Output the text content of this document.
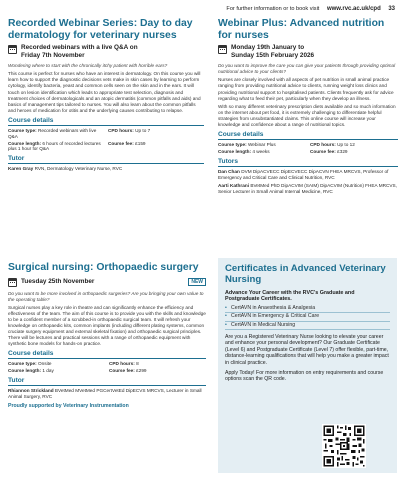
For further information or to book visit www.rvc.ac.uk/cpd 33
Recorded Webinar Series: Day to day dermatology for veterinary nurses
Recorded webinars with a live Q&A on
Friday 7th November
Wondering where to start with the chronically itchy patient with horrible ears?
This course is perfect for nurses who have an interest in dermatology. On this course you will learn how to support the diagnostic decisions vets make in skin cases by learning to perform cytology, identify bacteria, yeast and common cells seen on the skin and in the ears. It will touch on lesion identification which leads to appropriate test selection, diagnosis and treatment choices of dermatologicals and an atopic dermatitis (common pitfalls and aids) and basics of management tips tailored to nurses. You will also learn about the common pitfalls and heroes of medication for otitis and the underlying causes contributing to relapse.
Course details
Course type: Recorded webinars with live Q&A
CPD hours: Up to 7
Course length: 6 hours of recorded lectures plus 1 hour for Q&A
Course fee: £159
Tutor
Karen Gray RVN, Dermatology Veterinary Nurse, RVC
Webinar Plus: Advanced nutrition for nurses
Monday 19th January to
Sunday 15th February 2026
Do you want to improve the care you can give your patients through providing optimal nutritional advice to your clients?
Nurses are closely involved with all aspects of pet nutrition in small animal practice ranging from providing nutritional advice to clients, running weight loss clinics and providing nutritional support to hospitalised patients. Clients frequently ask for advice regarding what to feed their pet, particularly when they develop an illness.
With so many different veterinary prescription diets available and so much information on the internet about pet food, it is extremely challenging to differentiate helpful strategies from unsubstantiated claims. This online course will increase your knowledge and confidence about a range of nutritional topics.
Course details
Course type: Webinar Plus	CPD hours: Up to 12
Course length: 4 weeks	Course fee: £329
Tutors
Dan Chan DVM DipACVECC DipECVECC DipACVN FHEA MRCVS, Professor of Emergency and Critical Care and Clinical Nutrition, RVC
Aarti Kathrani BVetMed PhD DipACVIM (SAIM) DipACVIM (Nutrition) FHEA MRCVS, Senior Lecturer in Small Animal Internal Medicine, RVC
Surgical nursing: Orthopaedic surgery
Tuesday 25th November	NEW
Do you want to be more involved in orthopaedic surgeries? Are you bringing your own value to the operating table?
Surgical nurses play a key role in theatre and can significantly enhance the efficiency and effectiveness of the team. The aim of this course is to provide you with the skills and knowledge to be a confident member of a scrubbed-in orthopaedic surgical team. It will refresh your knowledge on orthopaedic kits, common implants (including different plating systems, common cruciate surgery equipment and external skeletal fixation) and orthopaedic surgical principles. There will be lectures and practical sessions with a range of orthopaedic equipment with synthetic bone models for hands-on practice.
Course details
Course type: Onsite	CPD hours: 8
Course length: 1 day	Course fee: £299
Tutor
Rhiannon Strickland BVetMed MVetMed PGCertVetEd DipECVS MRCVS, Lecturer in Small Animal Surgery, RVC
Proudly supported by Veterinary Instrumentation
Certificates in Advanced Veterinary Nursing
Advance Your Career with the RVC's Graduate and Postgraduate Certificates.
• CertAVN in Anaesthesia & Analgesia
• CertAVN in Emergency & Critical Care
• CertAVN in Medical Nursing
Are you a Registered Veterinary Nurse looking to elevate your career and enhance your personal development? Our Graduate Certificate (Level 6) and Postgraduate Certificate (Level 7) offer flexible, part-time, distance-learning qualifications that will help you make a greater impact in clinical practice.
Apply Today! For more information on entry requirements and course options scan the QR code.
